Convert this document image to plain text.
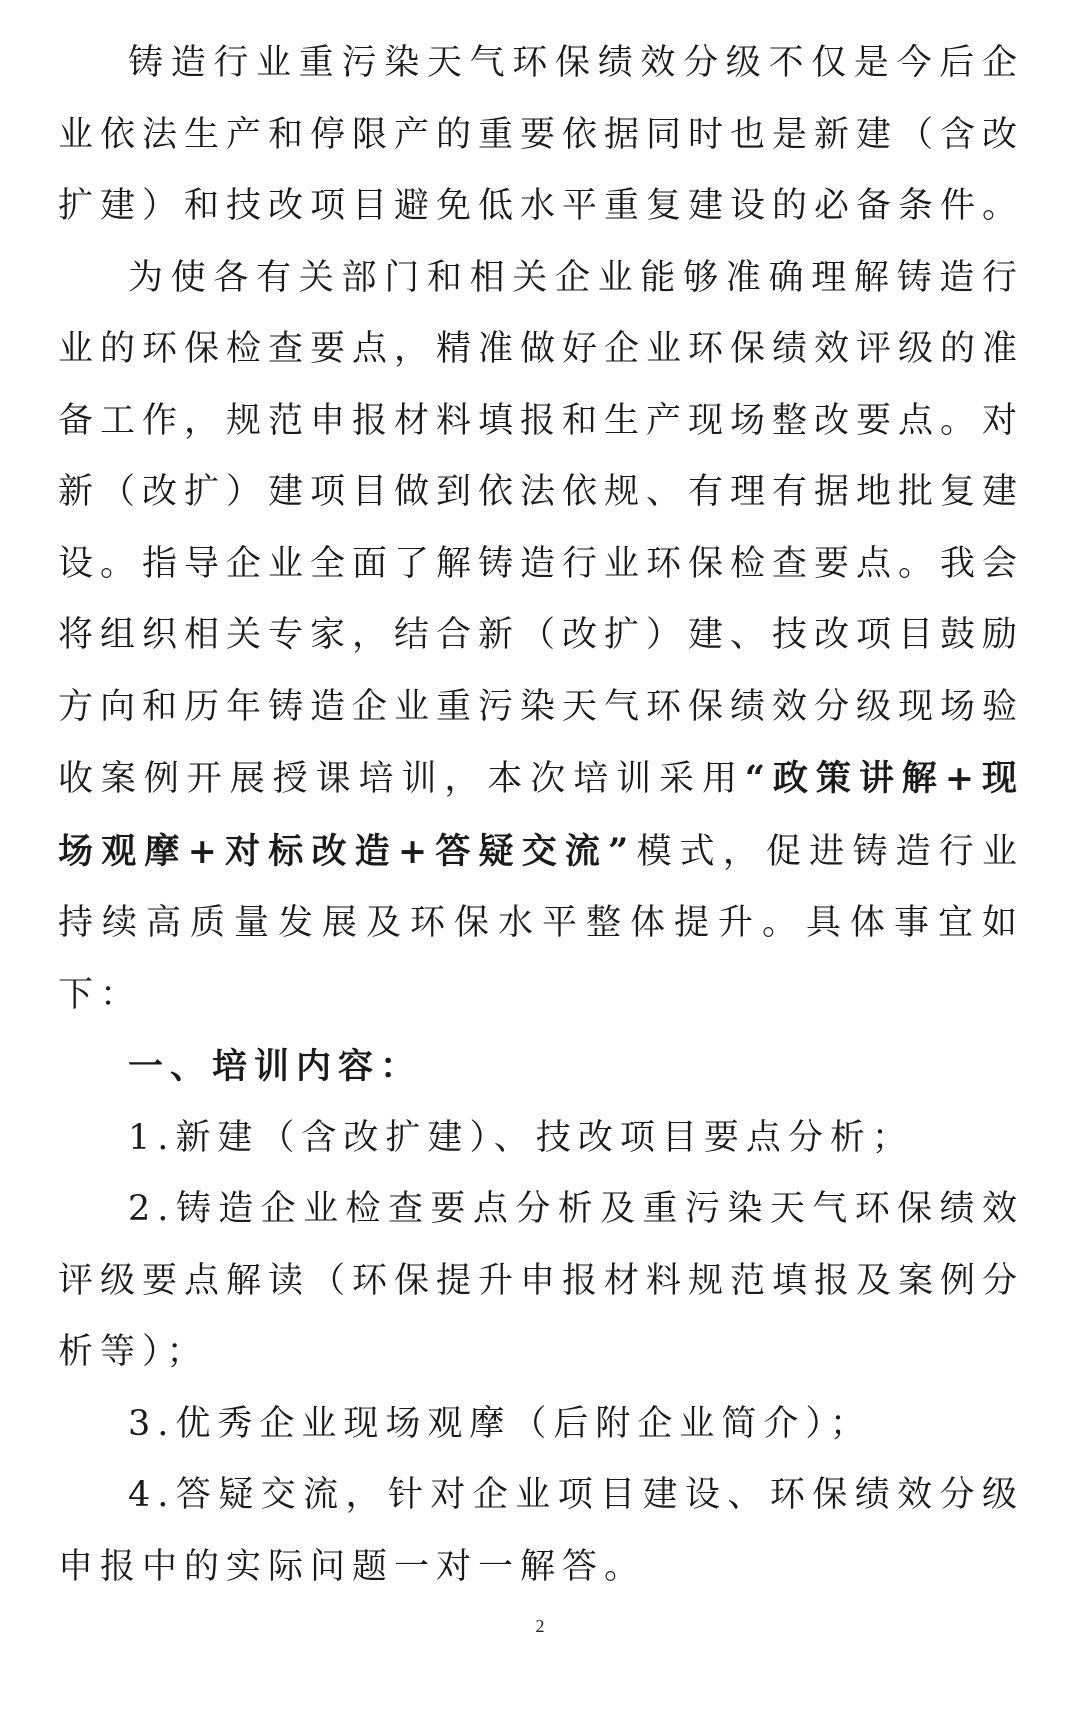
铸造行业重污染天气环保绩效分级不仅是今后企业依法生产和停限产的重要依据同时也是新建（含改扩建）和技改项目避免低水平重复建设的必备条件。

为使各有关部门和相关企业能够准确理解铸造行业的环保检查要点，精准做好企业环保绩效评级的准备工作，规范申报材料填报和生产现场整改要点。对新（改扩）建项目做到依法依规、有理有据地批复建设。指导企业全面了解铸造行业环保检查要点。我会将组织相关专家，结合新（改扩）建、技改项目鼓励方向和历年铸造企业重污染天气环保绩效分级现场验收案例开展授课培训，本次培训采用“政策讲解+现场观摩+对标改造+答疑交流”模式，促进铸造行业持续高质量发展及环保水平整体提升。具体事宜如下：

一、培训内容：

1.新建（含改扩建）、技改项目要点分析；

2.铸造企业检查要点分析及重污染天气环保绩效评级要点解读（环保提升申报材料规范填报及案例分析等）；

3.优秀企业现场观摩（后附企业简介）；

4.答疑交流，针对企业项目建设、环保绩效分级申报中的实际问题一对一解答。

2
